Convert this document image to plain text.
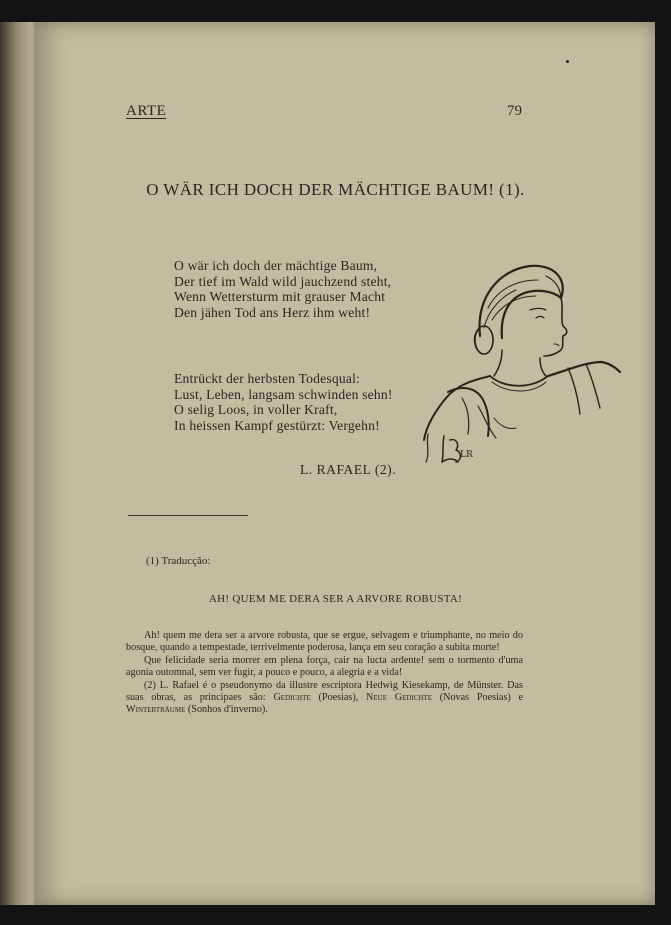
ARTE	79
O WÄR ICH DOCH DER MÄCHTIGE BAUM! (1).
O wär ich doch der mächtige Baum,
Der tief im Wald wild jauchzend steht,
Wenn Wettersturm mit grauser Macht
Den jähen Tod ans Herz ihm weht!
Entrückt der herbsten Todesqual:
Lust, Leben, langsam schwinden sehn!
O selig Loos, in voller Kraft,
In heissen Kampf gestürzt: Vergehn!
L. RAFAEL (2).
LR
(1) Traducção:
AH! QUEM ME DERA SER A ARVORE ROBUSTA!

Ah! quem me dera ser a arvore robusta, que se ergue, selvagem e triumphante, no meio do bosque, quando a tempestade, terrivelmente poderosa, lança em seu coração a subita morte!

Que felicidade seria morrer em plena força, cair na lucta ardente! sem o tormento d'uma agonia outomnal, sem ver fugir, a pouco e pouco, a alegria e a vida!

(2) L. Rafael é o pseudonymo da illustre escriptora Hedwig Kiesekamp, de Münster. Das suas obras, as principaes são: Gedichte (Poesias), Neue Gedichte (Novas Poesias) e Winterträume (Sonhos d'inverno).
